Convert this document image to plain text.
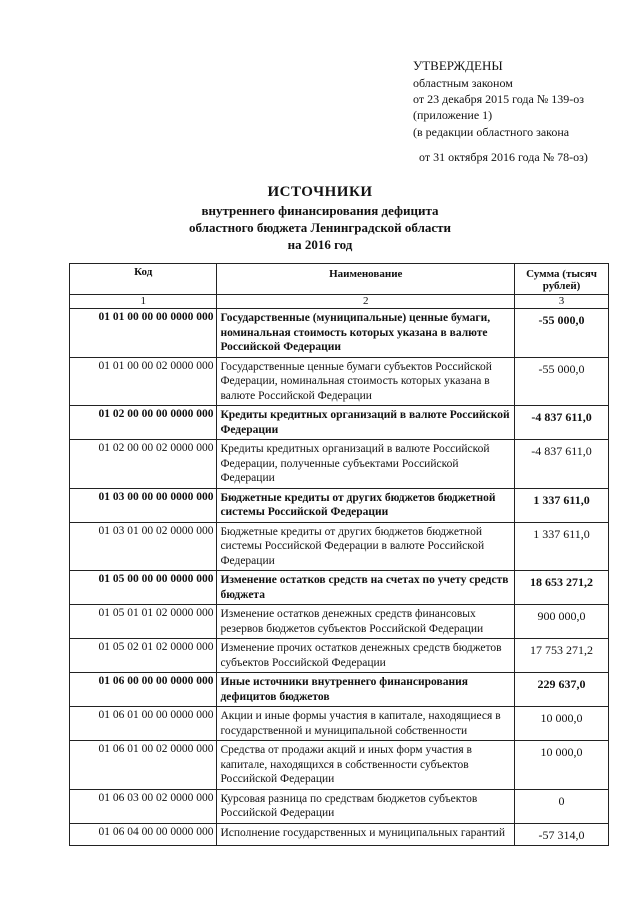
УТВЕРЖДЕНЫ
областным законом
от 23 декабря 2015 года № 139-оз
(приложение 1)
(в редакции областного закона
от 31 октября 2016 года № 78-оз)
ИСТОЧНИКИ
внутреннего финансирования дефицита
областного бюджета Ленинградской области
на 2016 год
Код	Наименование	Сумма (тысяч рублей)
1	2	3
01 01 00 00 00 0000 000	Государственные (муниципальные) ценные бумаги, номинальная стоимость которых указана в валюте Российской Федерации	-55 000,0
01 01 00 00 02 0000 000	Государственные ценные бумаги субъектов Российской Федерации, номинальная стоимость которых указана в валюте Российской Федерации	-55 000,0
01 02 00 00 00 0000 000	Кредиты кредитных организаций в валюте Российской Федерации	-4 837 611,0
01 02 00 00 02 0000 000	Кредиты кредитных организаций в валюте Российской Федерации, полученные субъектами Российской Федерации	-4 837 611,0
01 03 00 00 00 0000 000	Бюджетные кредиты от других бюджетов бюджетной системы Российской Федерации	1 337 611,0
01 03 01 00 02 0000 000	Бюджетные кредиты от других бюджетов бюджетной системы Российской Федерации в валюте Российской Федерации	1 337 611,0
01 05 00 00 00 0000 000	Изменение остатков средств на счетах по учету средств бюджета	18 653 271,2
01 05 01 01 02 0000 000	Изменение остатков денежных средств финансовых резервов бюджетов субъектов Российской Федерации	900 000,0
01 05 02 01 02 0000 000	Изменение прочих остатков денежных средств бюджетов субъектов Российской Федерации	17 753 271,2
01 06 00 00 00 0000 000	Иные источники внутреннего финансирования дефицитов бюджетов	229 637,0
01 06 01 00 00 0000 000	Акции и иные формы участия в капитале, находящиеся в государственной и муниципальной собственности	10 000,0
01 06 01 00 02 0000 000	Средства от продажи акций и иных форм участия в капитале, находящихся в собственности субъектов Российской Федерации	10 000,0
01 06 03 00 02 0000 000	Курсовая разница по средствам бюджетов субъектов Российской Федерации	0
01 06 04 00 00 0000 000	Исполнение государственных и муниципальных гарантий	-57 314,0
